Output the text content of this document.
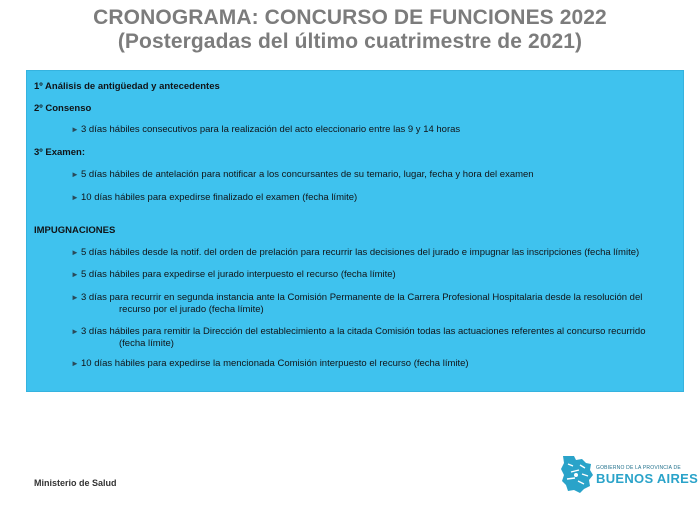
CRONOGRAMA: CONCURSO DE FUNCIONES 2022
(Postergadas del último cuatrimestre de 2021)
1º Análisis de antigüedad y antecedentes
2º Consenso
► 3 días hábiles consecutivos para la realización del acto eleccionario entre las 9 y 14 horas
3º Examen:
► 5 días hábiles de antelación para notificar a los concursantes de su temario, lugar, fecha y hora del examen
► 10 días hábiles para expedirse finalizado el examen (fecha límite)
IMPUGNACIONES
► 5 días hábiles desde la notif. del orden de prelación para recurrir las decisiones del jurado e impugnar las inscripciones (fecha límite)
► 5 días hábiles para expedirse el jurado interpuesto el recurso (fecha límite)
► 3 días para recurrir en segunda instancia ante la Comisión Permanente de la Carrera Profesional Hospitalaria desde la resolución del
recurso por el jurado (fecha límite)
► 3 días hábiles para remitir la Dirección del establecimiento a la citada Comisión todas las actuaciones referentes al concurso recurrido
(fecha límite)
► 10 días hábiles para expedirse la mencionada Comisión interpuesto el recurso (fecha límite)
Ministerio de Salud
GOBIERNO DE LA PROVINCIA DE
BUENOS AIRES
